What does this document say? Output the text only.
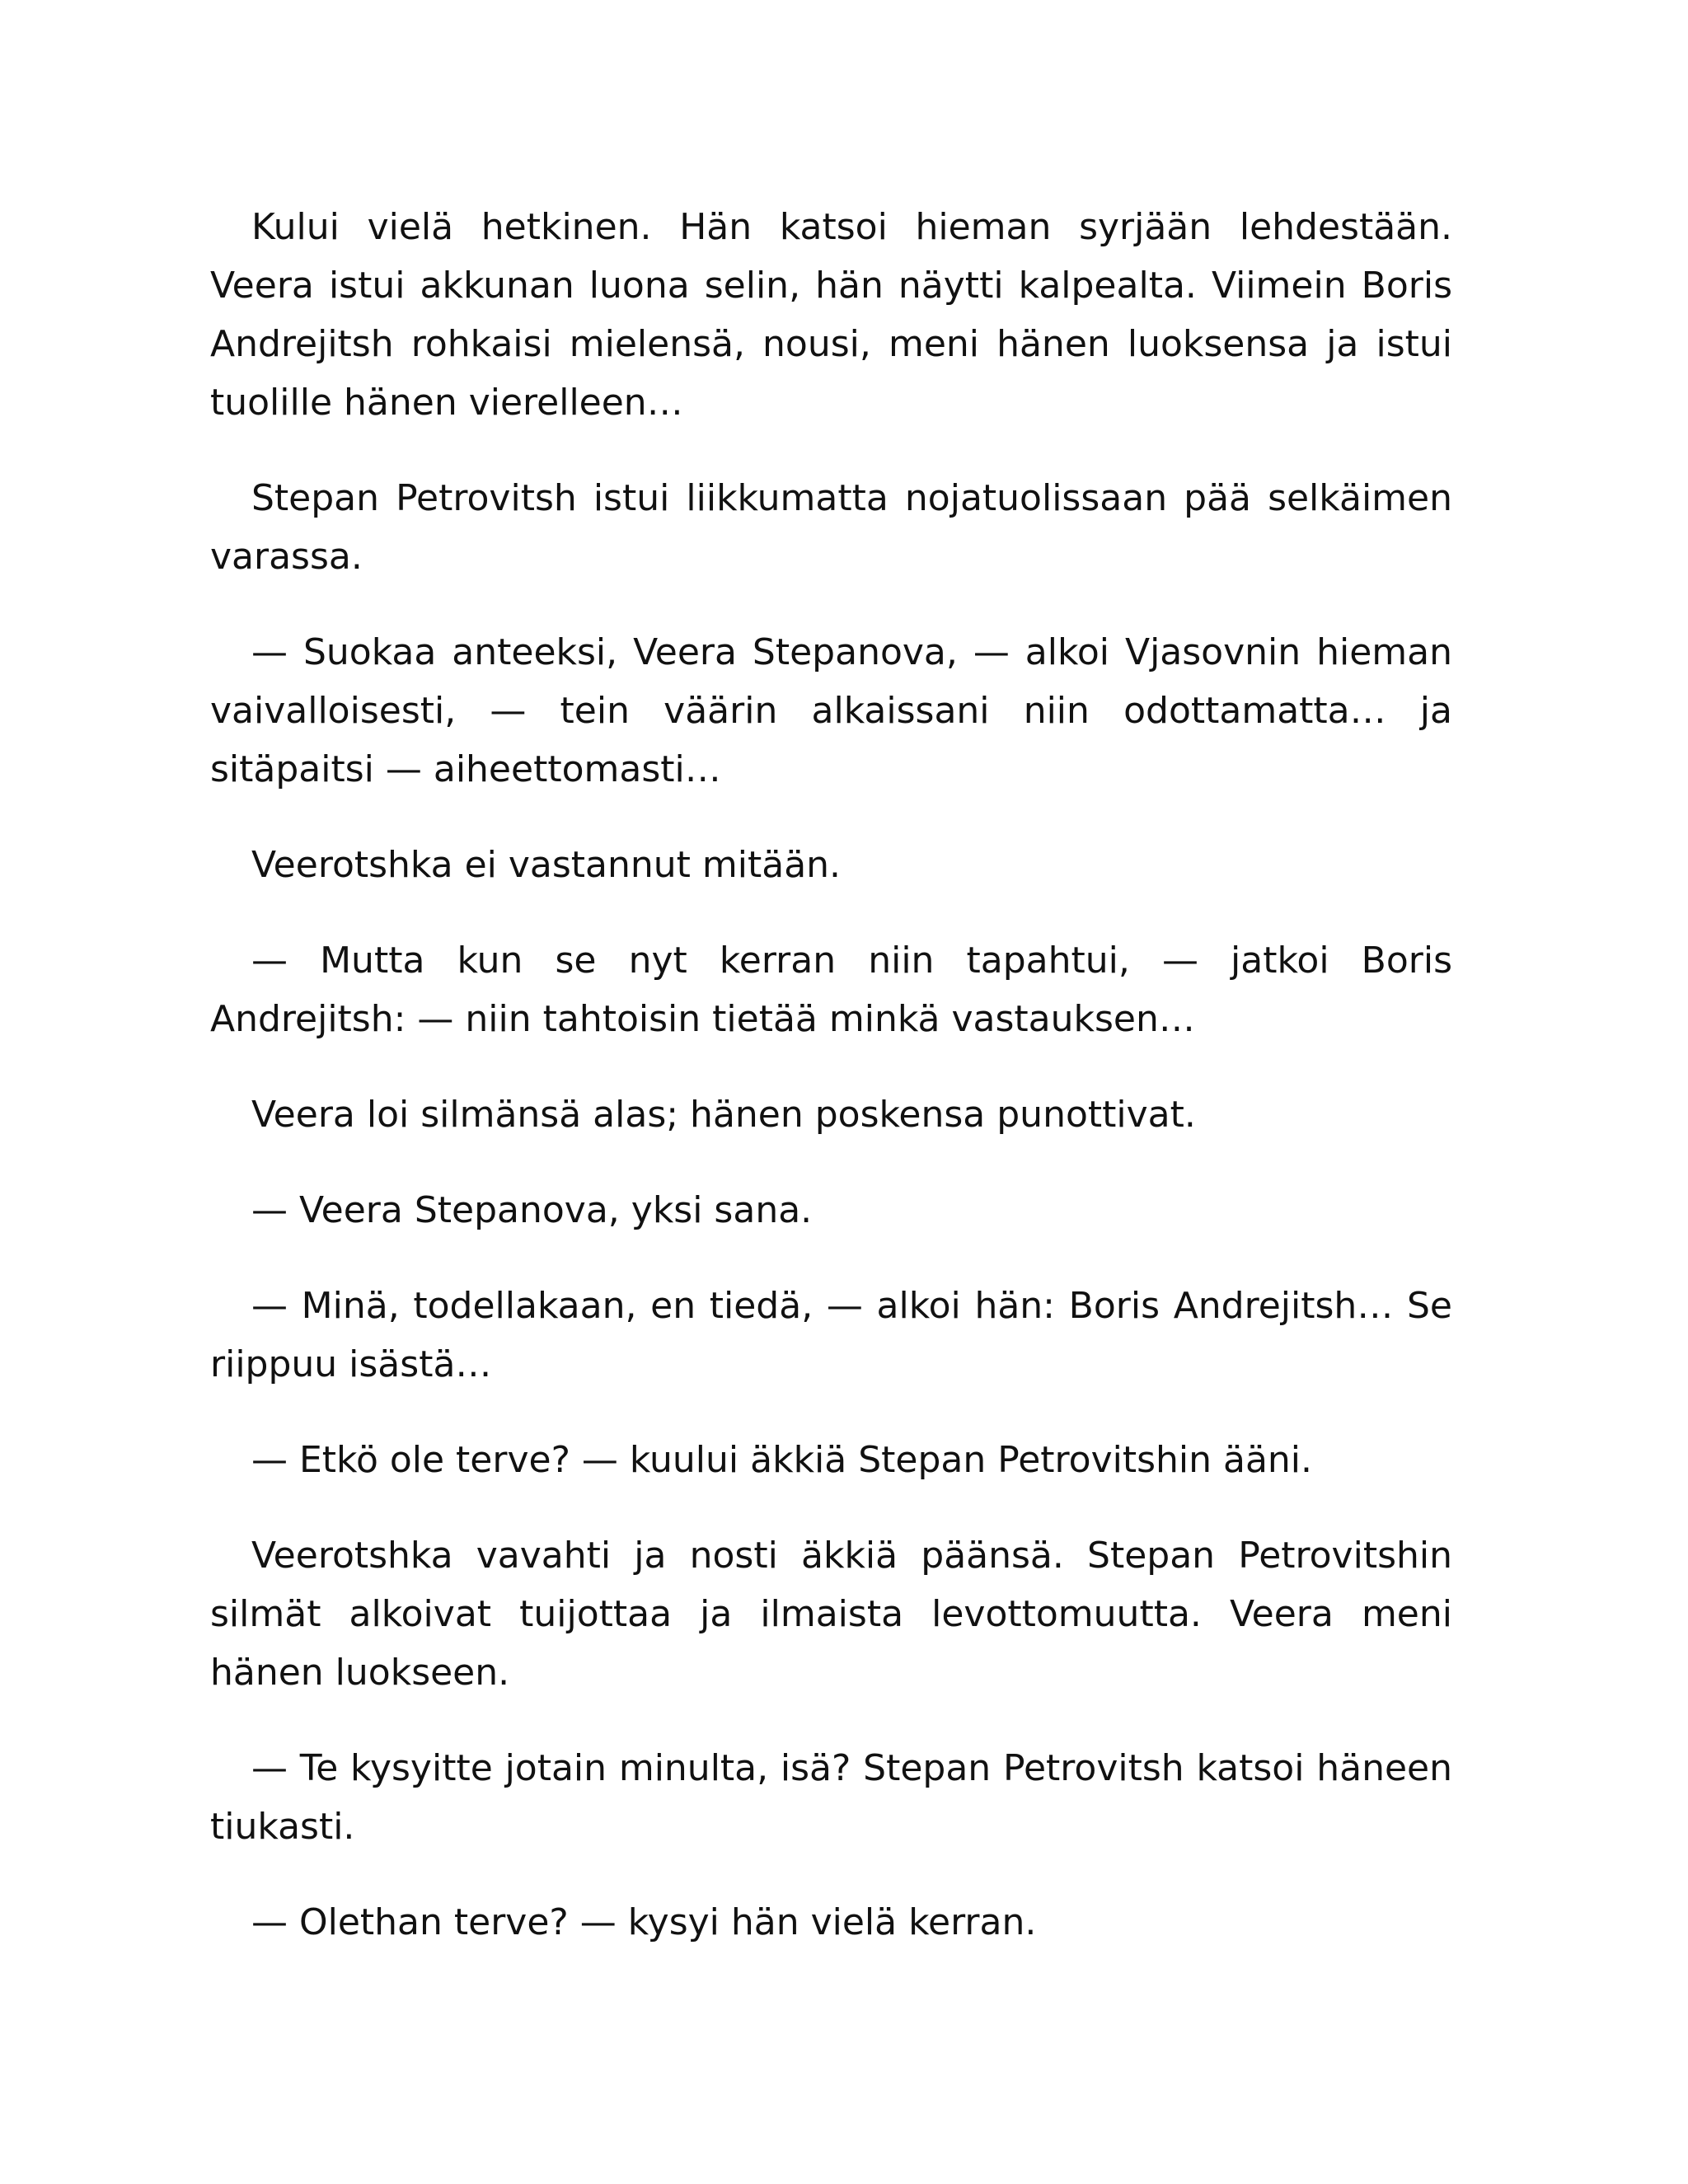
Kului vielä hetkinen. Hän katsoi hieman syrjään lehdestään. Veera istui akkunan luona selin, hän näytti kalpealta. Viimein Boris Andrejitsh rohkaisi mielensä, nousi, meni hänen luoksensa ja istui tuolille hänen vierelleen…

Stepan Petrovitsh istui liikkumatta nojatuolissaan pää selkäimen varassa.

— Suokaa anteeksi, Veera Stepanova, — alkoi Vjasovnin hieman vaivalloisesti, — tein väärin alkaissani niin odottamatta… ja sitäpaitsi — aiheettomasti…

Veerotshka ei vastannut mitään.

— Mutta kun se nyt kerran niin tapahtui, — jatkoi Boris Andrejitsh: — niin tahtoisin tietää minkä vastauksen…

Veera loi silmänsä alas; hänen poskensa punottivat.

— Veera Stepanova, yksi sana.

— Minä, todellakaan, en tiedä, — alkoi hän: Boris Andrejitsh… Se riippuu isästä…

— Etkö ole terve? — kuului äkkiä Stepan Petrovitshin ääni.

Veerotshka vavahti ja nosti äkkiä päänsä. Stepan Petrovitshin silmät alkoivat tuijottaa ja ilmaista levottomuutta. Veera meni hänen luokseen.

— Te kysyitte jotain minulta, isä? Stepan Petrovitsh katsoi häneen tiukasti.

— Olethan terve? — kysyi hän vielä kerran.
